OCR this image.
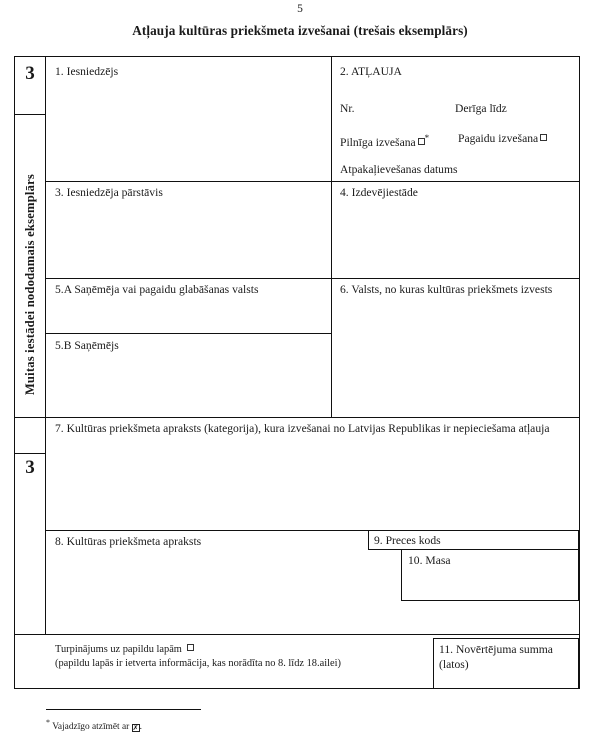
5
Atļauja kultūras priekšmeta izvešanai (trešais eksemplārs)
3
Muitas iestādei nododamais eksemplārs
3
1. Iesniedzējs	2. ATĻAUJA
Nr.	Derīga līdz
Pilnīga izvešana * Pagaidu izvešana
Atpakaļievešanas datums
3. Iesniedzēja pārstāvis	4. Izdevējiestāde
5.A Saņēmēja vai pagaidu glabāšanas valsts
5.B Saņēmējs
6. Valsts, no kuras kultūras priekšmets izvests
7. Kultūras priekšmeta apraksts (kategorija), kura izvešanai no Latvijas Republikas ir nepieciešama atļauja
8. Kultūras priekšmeta apraksts	9. Preces kods
10. Masa
Turpinājums uz papildu lapām
(papildu lapās ir ietverta informācija, kas norādīta no 8. līdz 18.ailei)
11. Novērtējuma summa (latos)
* Vajadzīgo atzīmēt ar ✗.
